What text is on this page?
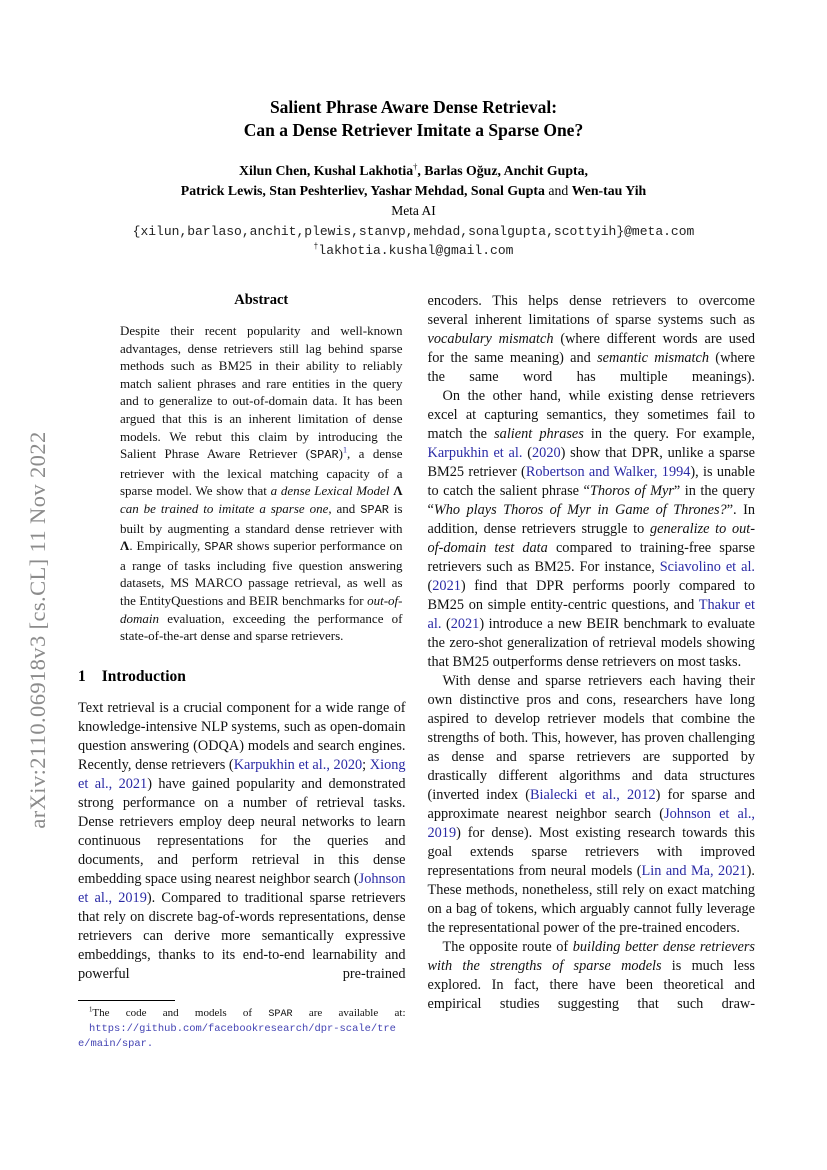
arXiv:2110.06918v3 [cs.CL] 11 Nov 2022
Salient Phrase Aware Dense Retrieval:
Can a Dense Retriever Imitate a Sparse One?
Xilun Chen, Kushal Lakhotia†, Barlas Oğuz, Anchit Gupta,
Patrick Lewis, Stan Peshterliev, Yashar Mehdad, Sonal Gupta and Wen-tau Yih
Meta AI
{xilun,barlaso,anchit,plewis,stanvp,mehdad,sonalgupta,scottyih}@meta.com
†lakhotia.kushal@gmail.com
Abstract

Despite their recent popularity and well-known advantages, dense retrievers still lag behind sparse methods such as BM25 in their ability to reliably match salient phrases and rare entities in the query and to generalize to out-of-domain data. It has been argued that this is an inherent limitation of dense models. We rebut this claim by introducing the Salient Phrase Aware Retriever (SPAR)$^1$, a dense retriever with the lexical matching capacity of a sparse model. We show that a dense Lexical Model Λ can be trained to imitate a sparse one, and SPAR is built by augmenting a standard dense retriever with Λ. Empirically, SPAR shows superior performance on a range of tasks including five question answering datasets, MS MARCO passage retrieval, as well as the EntityQuestions and BEIR benchmarks for out-of-domain evaluation, exceeding the performance of state-of-the-art dense and sparse retrievers.

1 Introduction

Text retrieval is a crucial component for a wide range of knowledge-intensive NLP systems, such as open-domain question answering (ODQA) models and search engines. Recently, dense retrievers (Karpukhin et al., 2020; Xiong et al., 2021) have gained popularity and demonstrated strong performance on a number of retrieval tasks. Dense retrievers employ deep neural networks to learn continuous representations for the queries and documents, and perform retrieval in this dense embedding space using nearest neighbor search (Johnson et al., 2019). Compared to traditional sparse retrievers that rely on discrete bag-of-words representations, dense retrievers can derive more semantically expressive embeddings, thanks to its end-to-end learnability and powerful pre-trained

$^1$The code and models of SPAR are available at: https://github.com/facebookresearch/dpr-scale/tree/main/spar.

encoders. This helps dense retrievers to overcome several inherent limitations of sparse systems such as vocabulary mismatch (where different words are used for the same meaning) and semantic mismatch (where the same word has multiple meanings).

On the other hand, while existing dense retrievers excel at capturing semantics, they sometimes fail to match the salient phrases in the query. For example, Karpukhin et al. (2020) show that DPR, unlike a sparse BM25 retriever (Robertson and Walker, 1994), is unable to catch the salient phrase “Thoros of Myr” in the query “Who plays Thoros of Myr in Game of Thrones?”. In addition, dense retrievers struggle to generalize to out-of-domain test data compared to training-free sparse retrievers such as BM25. For instance, Sciavolino et al. (2021) find that DPR performs poorly compared to BM25 on simple entity-centric questions, and Thakur et al. (2021) introduce a new BEIR benchmark to evaluate the zero-shot generalization of retrieval models showing that BM25 outperforms dense retrievers on most tasks.

With dense and sparse retrievers each having their own distinctive pros and cons, researchers have long aspired to develop retriever models that combine the strengths of both. This, however, has proven challenging as dense and sparse retrievers are supported by drastically different algorithms and data structures (inverted index (Bialecki et al., 2012) for sparse and approximate nearest neighbor search (Johnson et al., 2019) for dense). Most existing research towards this goal extends sparse retrievers with improved representations from neural models (Lin and Ma, 2021). These methods, nonetheless, still rely on exact matching on a bag of tokens, which arguably cannot fully leverage the representational power of the pre-trained encoders.

The opposite route of building better dense retrievers with the strengths of sparse models is much less explored. In fact, there have been theoretical and empirical studies suggesting that such draw-
